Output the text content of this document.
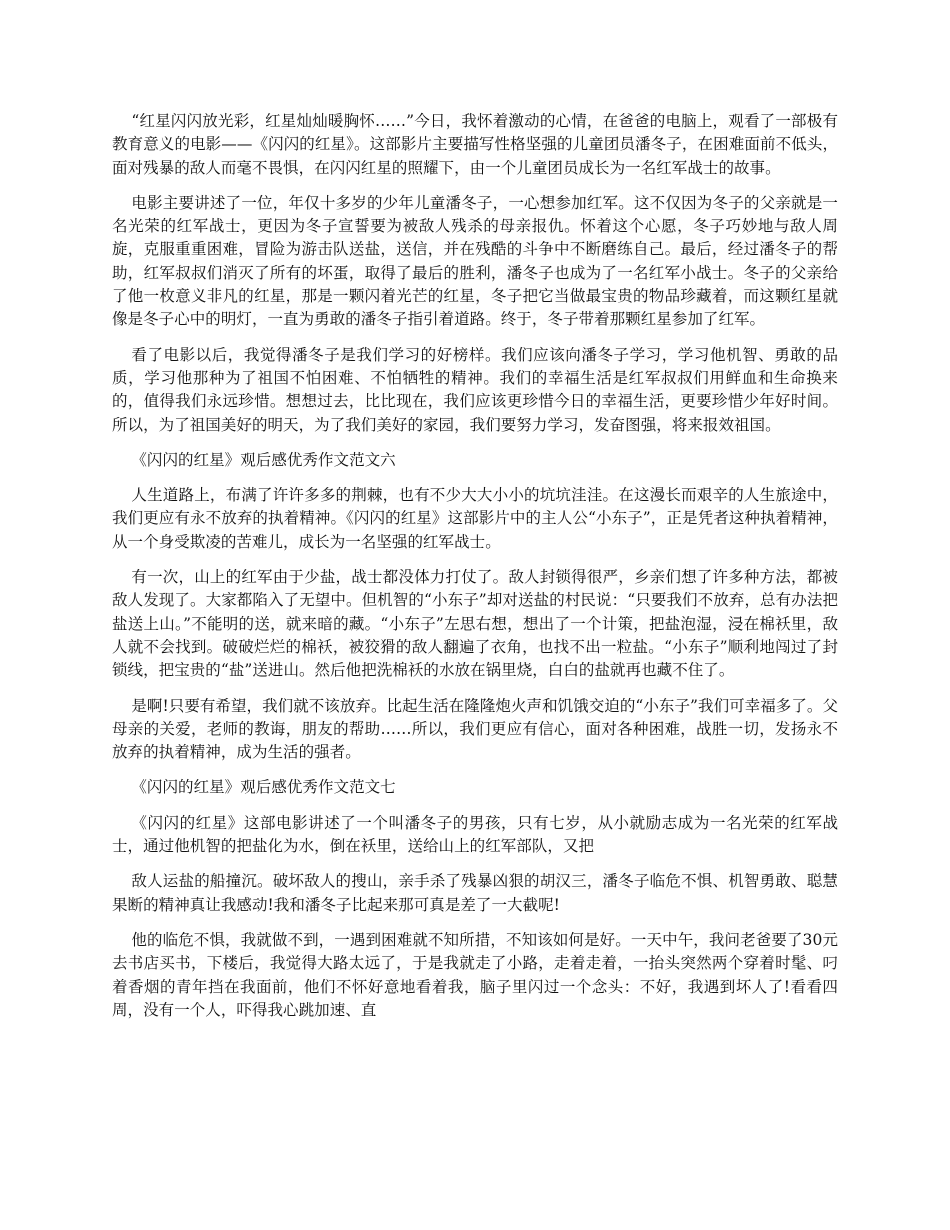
“红星闪闪放光彩，红星灿灿暖胸怀……”今日，我怀着激动的心情，在爸爸的电脑上，观看了一部极有教育意义的电影——《闪闪的红星》。这部影片主要描写性格坚强的儿童团员潘冬子，在困难面前不低头，面对残暴的敌人而毫不畏惧，在闪闪红星的照耀下，由一个儿童团员成长为一名红军战士的故事。

电影主要讲述了一位，年仅十多岁的少年儿童潘冬子，一心想参加红军。这不仅因为冬子的父亲就是一名光荣的红军战士，更因为冬子宣誓要为被敌人残杀的母亲报仇。怀着这个心愿，冬子巧妙地与敌人周旋，克服重重困难，冒险为游击队送盐，送信，并在残酷的斗争中不断磨练自己。最后，经过潘冬子的帮助，红军叔叔们消灭了所有的坏蛋，取得了最后的胜利，潘冬子也成为了一名红军小战士。冬子的父亲给了他一枚意义非凡的红星，那是一颗闪着光芒的红星，冬子把它当做最宝贵的物品珍藏着，而这颗红星就像是冬子心中的明灯，一直为勇敢的潘冬子指引着道路。终于，冬子带着那颗红星参加了红军。

看了电影以后，我觉得潘冬子是我们学习的好榜样。我们应该向潘冬子学习，学习他机智、勇敢的品质，学习他那种为了祖国不怕困难、不怕牺牲的精神。我们的幸福生活是红军叔叔们用鲜血和生命换来的，值得我们永远珍惜。想想过去，比比现在，我们应该更珍惜今日的幸福生活，更要珍惜少年好时间。所以，为了祖国美好的明天，为了我们美好的家园，我们要努力学习，发奋图强，将来报效祖国。

《闪闪的红星》观后感优秀作文范文六

人生道路上，布满了许许多多的荆棘，也有不少大大小小的坑坑洼洼。在这漫长而艰辛的人生旅途中，我们更应有永不放弃的执着精神。《闪闪的红星》这部影片中的主人公“小东子”，正是凭者这种执着精神，从一个身受欺凌的苦难儿，成长为一名坚强的红军战士。

有一次，山上的红军由于少盐，战士都没体力打仗了。敌人封锁得很严，乡亲们想了许多种方法，都被敌人发现了。大家都陷入了无望中。但机智的“小东子”却对送盐的村民说：“只要我们不放弃，总有办法把盐送上山。”不能明的送，就来暗的藏。“小东子”左思右想，想出了一个计策，把盐泡湿，浸在棉袄里，敌人就不会找到。破破烂烂的棉袄，被狡猾的敌人翻遍了衣角，也找不出一粒盐。“小东子”顺利地闯过了封锁线，把宝贵的“盐”送进山。然后他把洗棉袄的水放在锅里烧，白白的盐就再也藏不住了。

是啊!只要有希望，我们就不该放弃。比起生活在隆隆炮火声和饥饿交迫的“小东子”我们可幸福多了。父母亲的关爱，老师的教诲，朋友的帮助……所以，我们更应有信心，面对各种困难，战胜一切，发扬永不放弃的执着精神，成为生活的强者。

《闪闪的红星》观后感优秀作文范文七

《闪闪的红星》这部电影讲述了一个叫潘冬子的男孩，只有七岁，从小就励志成为一名光荣的红军战士，通过他机智的把盐化为水，倒在袄里，送给山上的红军部队，又把

敌人运盐的船撞沉。破坏敌人的搜山，亲手杀了残暴凶狠的胡汉三，潘冬子临危不惧、机智勇敢、聪慧果断的精神真让我感动!我和潘冬子比起来那可真是差了一大截呢!

他的临危不惧，我就做不到，一遇到困难就不知所措，不知该如何是好。一天中午，我问老爸要了30元去书店买书，下楼后，我觉得大路太远了，于是我就走了小路，走着走着，一抬头突然两个穿着时髦、叼着香烟的青年挡在我面前，他们不怀好意地看着我，脑子里闪过一个念头：不好，我遇到坏人了!看看四周，没有一个人，吓得我心跳加速、直
